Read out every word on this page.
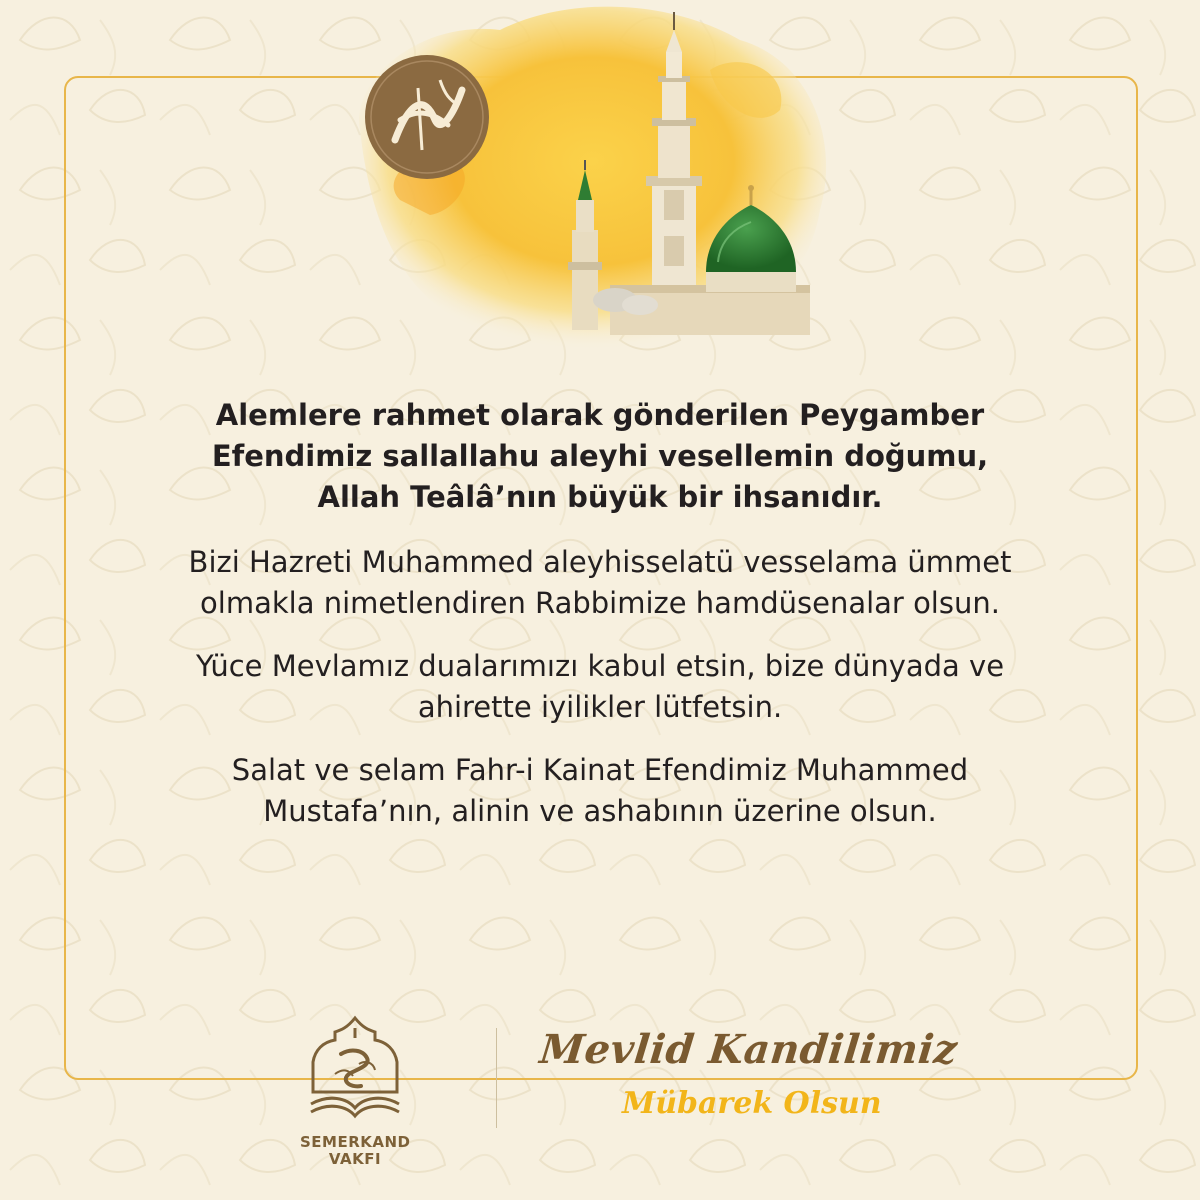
Alemlere rahmet olarak gönderilen Peygamber
Efendimiz sallallahu aleyhi vesellemin doğumu,
Allah Teâlâ’nın büyük bir ihsanıdır.

Bizi Hazreti Muhammed aleyhisselatü vesselama ümmet
olmakla nimetlendiren Rabbimize hamdüsenalar olsun.

Yüce Mevlamız dualarımızı kabul etsin, bize dünyada ve
ahirette iyilikler lütfetsin.

Salat ve selam Fahr-i Kainat Efendimiz Muhammed
Mustafa’nın, alinin ve ashabının üzerine olsun.

SEMERKAND
VAKFI
Mevlid Kandilimiz
Mübarek Olsun
